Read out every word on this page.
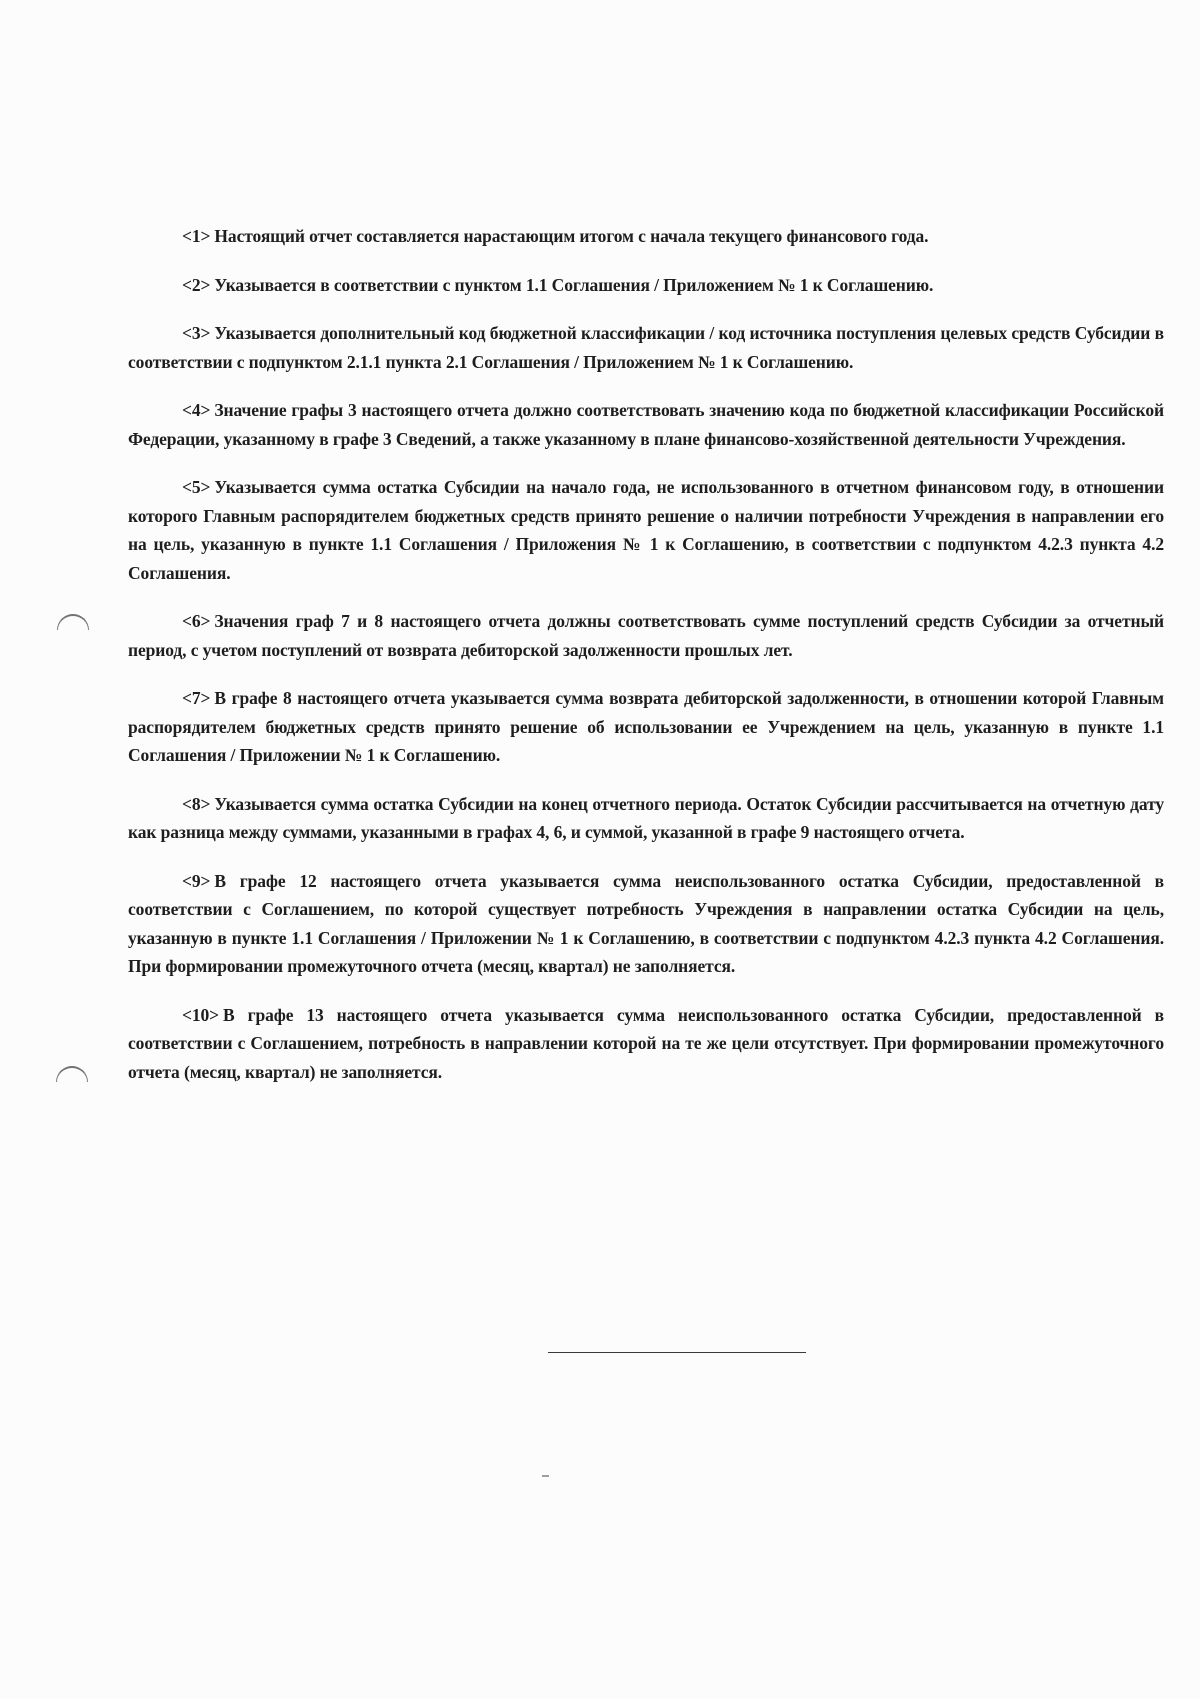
<1> Настоящий отчет составляется нарастающим итогом с начала текущего финансового года.

<2> Указывается в соответствии с пунктом 1.1 Соглашения / Приложением № 1 к Соглашению.

<3> Указывается дополнительный код бюджетной классификации / код источника поступления целевых средств Субсидии в соответствии с подпунктом 2.1.1 пункта 2.1 Соглашения / Приложением № 1 к Соглашению.

<4> Значение графы 3 настоящего отчета должно соответствовать значению кода по бюджетной классификации Российской Федерации, указанному в графе 3 Сведений, а также указанному в плане финансово-хозяйственной деятельности Учреждения.

<5> Указывается сумма остатка Субсидии на начало года, не использованного в отчетном финансовом году, в отношении которого Главным распорядителем бюджетных средств принято решение о наличии потребности Учреждения в направлении его на цель, указанную в пункте 1.1 Соглашения / Приложения № 1 к Соглашению, в соответствии с подпунктом 4.2.3 пункта 4.2 Соглашения.

<6> Значения граф 7 и 8 настоящего отчета должны соответствовать сумме поступлений средств Субсидии за отчетный период, с учетом поступлений от возврата дебиторской задолженности прошлых лет.

<7> В графе 8 настоящего отчета указывается сумма возврата дебиторской задолженности, в отношении которой Главным распорядителем бюджетных средств принято решение об использовании ее Учреждением на цель, указанную в пункте 1.1 Соглашения / Приложении № 1 к Соглашению.

<8> Указывается сумма остатка Субсидии на конец отчетного периода. Остаток Субсидии рассчитывается на отчетную дату как разница между суммами, указанными в графах 4, 6, и суммой, указанной в графе 9 настоящего отчета.

<9> В графе 12 настоящего отчета указывается сумма неиспользованного остатка Субсидии, предоставленной в соответствии с Соглашением, по которой существует потребность Учреждения в направлении остатка Субсидии на цель, указанную в пункте 1.1 Соглашения / Приложении № 1 к Соглашению, в соответствии с подпунктом 4.2.3 пункта 4.2 Соглашения. При формировании промежуточного отчета (месяц, квартал) не заполняется.

<10> В графе 13 настоящего отчета указывается сумма неиспользованного остатка Субсидии, предоставленной в соответствии с Соглашением, потребность в направлении которой на те же цели отсутствует. При формировании промежуточного отчета (месяц, квартал) не заполняется.
